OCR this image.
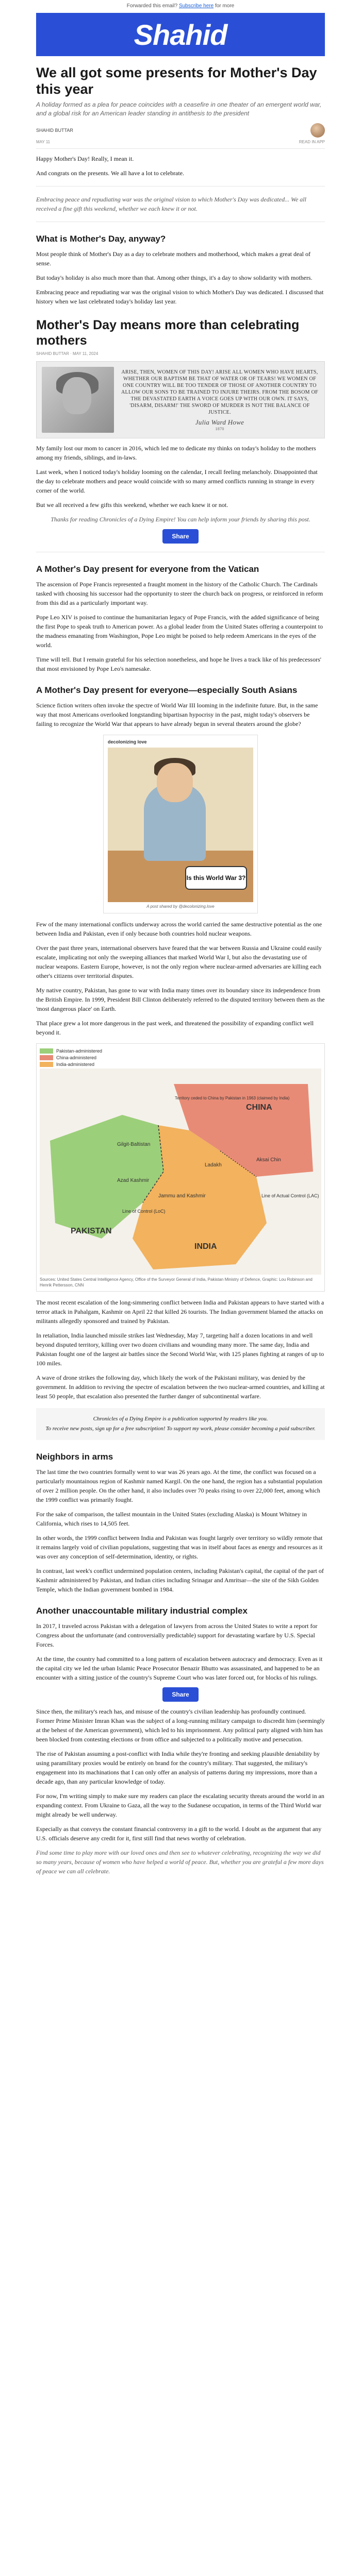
Forwarded this email? Subscribe here for more
Shahid
We all got some presents for Mother's Day this year
A holiday formed as a plea for peace coincides with a ceasefire in one theater of an emergent world war, and a global risk for an American leader standing in antithesis to the president
SHAHID BUTTAR
MAY 11	READ IN APP

Happy Mother's Day! Really, I mean it.

And congrats on the presents. We all have a lot to celebrate.

Embracing peace and repudiating war was the original vision to which Mother's Day was dedicated... We all received a fine gift this weekend, whether we each knew it or not.

What is Mother's Day, anyway?

Most people think of Mother's Day as a day to celebrate mothers and motherhood, which makes a great deal of sense.

But today's holiday is also much more than that. Among other things, it's a day to show solidarity with mothers.

Embracing peace and repudiating war was the original vision to which Mother's Day was dedicated. I discussed that history when we last celebrated today's holiday last year.

Mother's Day means more than celebrating mothers
SHAHID BUTTAR · MAY 11, 2024
ARISE, THEN, WOMEN OF THIS DAY! ARISE ALL WOMEN WHO HAVE HEARTS, WHETHER OUR BAPTISM BE THAT OF WATER OR OF TEARS! WE WOMEN OF ONE COUNTRY WILL BE TOO TENDER OF THOSE OF ANOTHER COUNTRY TO ALLOW OUR SONS TO BE TRAINED TO INJURE THEIRS. FROM THE BOSOM OF THE DEVASTATED EARTH A VOICE GOES UP WITH OUR OWN. IT SAYS, 'DISARM, DISARM!' THE SWORD OF MURDER IS NOT THE BALANCE OF JUSTICE.
Julia Ward Howe
1870

My family lost our mom to cancer in 2016, which led me to dedicate my thinks on today's holiday to the mothers among my friends, siblings, and in-laws.

Last week, when I noticed today's holiday looming on the calendar, I recall feeling melancholy. Disappointed that the day to celebrate mothers and peace would coincide with so many armed conflicts running in strange in every corner of the world.

But we all received a few gifts this weekend, whether we each knew it or not.

Thanks for reading Chronicles of a Dying Empire! You can help inform your friends by sharing this post.

Share
A Mother's Day present for everyone from the Vatican

The ascension of Pope Francis represented a fraught moment in the history of the Catholic Church. The Cardinals tasked with choosing his successor had the opportunity to steer the church back on progress, or reinforced in reform from this did as a particularly important way.

Pope Leo XIV is poised to continue the humanitarian legacy of Pope Francis, with the added significance of being the first Pope to speak truth to American power. As a global leader from the United States offering a counterpoint to the madness emanating from Washington, Pope Leo might be poised to help redeem Americans in the eyes of the world.

Time will tell. But I remain grateful for his selection nonetheless, and hope he lives a track like of his predecessors' that most envisioned by Pope Leo's namesake.

A Mother's Day present for everyone—especially South Asians

Science fiction writers often invoke the spectre of World War III looming in the indefinite future. But, in the same way that most Americans overlooked longstanding bipartisan hypocrisy in the past, might today's observers be failing to recognize the World War that appears to have already begun in several theaters around the globe?

decolonizing love
Is this World War 3?
A post shared by @decolonizing.love

Few of the many international conflicts underway across the world carried the same destructive potential as the one between India and Pakistan, even if only because both countries hold nuclear weapons.

Over the past three years, international observers have feared that the war between Russia and Ukraine could easily escalate, implicating not only the sweeping alliances that marked World War I, but also the devastating use of nuclear weapons. Eastern Europe, however, is not the only region where nuclear-armed adversaries are killing each other's citizens over territorial disputes.

My native country, Pakistan, has gone to war with India many times over its boundary since its independence from the British Empire. In 1999, President Bill Clinton deliberately referred to the disputed territory between them as the 'most dangerous place' on Earth.

That place grew a lot more dangerous in the past week, and threatened the possibility of expanding conflict well beyond it.

Pakistan-administered
China-administered
India-administered
CHINA
PAKISTAN
INDIA
Aksai Chin
Ladakh
Jammu and Kashmir
Gilgit-Baltistan
Azad Kashmir
Line of Actual Control (LAC)
Line of Control (LoC)
Territory ceded to China by Pakistan in 1963 (claimed by India)
Sources: United States Central Intelligence Agency, Office of the Surveyor General of India, Pakistan Ministry of Defence, Graphic: Lou Robinson and Henrik Pettersson, CNN

The most recent escalation of the long-simmering conflict between India and Pakistan appears to have started with a terror attack in Pahalgam, Kashmir on April 22 that killed 26 tourists. The Indian government blamed the attacks on militants allegedly sponsored and trained by Pakistan.

In retaliation, India launched missile strikes last Wednesday, May 7, targeting half a dozen locations in and well beyond disputed territory, killing over two dozen civilians and wounding many more. The same day, India and Pakistan fought one of the largest air battles since the Second World War, with 125 planes fighting at ranges of up to 100 miles.

A wave of drone strikes the following day, which likely the work of the Pakistani military, was denied by the government. In addition to reviving the spectre of escalation between the two nuclear-armed countries, and killing at least 50 people, that escalation also presented the further danger of subcontinental warfare.

Chronicles of a Dying Empire is a publication supported by readers like you.

To receive new posts, sign up for a free subscription! To support my work, please consider becoming a paid subscriber.

Neighbors in arms

The last time the two countries formally went to war was 26 years ago. At the time, the conflict was focused on a particularly mountainous region of Kashmir named Kargil. On the one hand, the region has a substantial population of over 2 million people. On the other hand, it also includes over 70 peaks rising to over 22,000 feet, among which the 1999 conflict was primarily fought.

For the sake of comparison, the tallest mountain in the United States (excluding Alaska) is Mount Whitney in California, which rises to 14,505 feet.

In other words, the 1999 conflict between India and Pakistan was fought largely over territory so wildly remote that it remains largely void of civilian populations, suggesting that was in itself about faces as energy and resources as it was over any conception of self-determination, identity, or rights.

In contrast, last week's conflict undermined population centers, including Pakistan's capital, the capital of the part of Kashmir administered by Pakistan, and Indian cities including Srinagar and Amritsar—the site of the Sikh Golden Temple, which the Indian government bombed in 1984.

Another unaccountable military industrial complex

In 2017, I traveled across Pakistan with a delegation of lawyers from across the United States to write a report for Congress about the unfortunate (and controversially predictable) support for devastating warfare by U.S. Special Forces.

At the time, the country had committed to a long pattern of escalation between autocracy and democracy. Even as it the capital city we led the urban Islamic Peace Prosecutor Benazir Bhutto was assassinated, and happened to be an encounter with a sitting justice of the country's Supreme Court who was later forced out, for blocks of his rulings.

Share

Since then, the military's reach has, and misuse of the country's civilian leadership has profoundly continued. Former Prime Minister Imran Khan was the subject of a long-running military campaign to discredit him (seemingly at the behest of the American government), which led to his imprisonment. Any political party aligned with him has been blocked from contesting elections or from office and subjected to a politically motive and persecution.

The rise of Pakistan assuming a post-conflict with India while they're fronting and seeking plausible deniability by using paramilitary proxies would be entirely on brand for the country's military. That suggested, the military's engagement into its machinations that I can only offer an analysis of patterns during my impressions, more than a decade ago, than any particular knowledge of today.

For now, I'm writing simply to make sure my readers can place the escalating security threats around the world in an expanding context. From Ukraine to Gaza, all the way to the Sudanese occupation, in terms of the Third World war might already be well underway.

Especially as that conveys the constant financial controversy in a gift to the world. I doubt as the argument that any U.S. officials deserve any credit for it, first still find that news worthy of celebration.

Find some time to play more with our loved ones and then see to whatever celebrating, recognizing the way we did so many years, because of women who have helped a world of peace. But, whether you are grateful a few more days of peace we can all celebrate.
